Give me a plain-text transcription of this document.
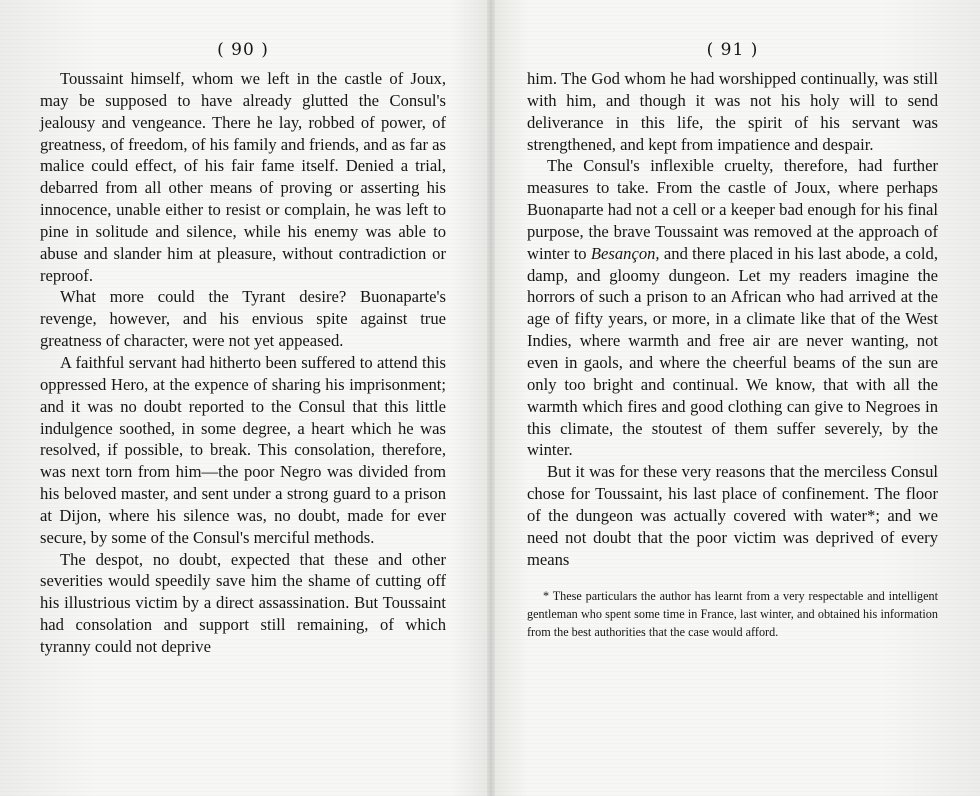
( 90 )

Toussaint himself, whom we left in the castle of Joux, may be supposed to have already glutted the Consul's jealousy and vengeance. There he lay, robbed of power, of greatness, of freedom, of his family and friends, and as far as malice could effect, of his fair fame itself. Denied a trial, debarred from all other means of proving or asserting his innocence, unable either to resist or complain, he was left to pine in solitude and silence, while his enemy was able to abuse and slander him at pleasure, without contradiction or reproof.

What more could the Tyrant desire? Buonaparte's revenge, however, and his envious spite against true greatness of character, were not yet appeased.

A faithful servant had hitherto been suffered to attend this oppressed Hero, at the expence of sharing his imprisonment; and it was no doubt reported to the Consul that this little indulgence soothed, in some degree, a heart which he was resolved, if possible, to break. This consolation, therefore, was next torn from him—the poor Negro was divided from his beloved master, and sent under a strong guard to a prison at Dijon, where his silence was, no doubt, made for ever secure, by some of the Consul's merciful methods.

The despot, no doubt, expected that these and other severities would speedily save him the shame of cutting off his illustrious victim by a direct assassination. But Toussaint had consolation and support still remaining, of which tyranny could not deprive

( 91 )

him. The God whom he had worshipped continually, was still with him, and though it was not his holy will to send deliverance in this life, the spirit of his servant was strengthened, and kept from impatience and despair.

The Consul's inflexible cruelty, therefore, had further measures to take. From the castle of Joux, where perhaps Buonaparte had not a cell or a keeper bad enough for his final purpose, the brave Toussaint was removed at the approach of winter to Besançon, and there placed in his last abode, a cold, damp, and gloomy dungeon. Let my readers imagine the horrors of such a prison to an African who had arrived at the age of fifty years, or more, in a climate like that of the West Indies, where warmth and free air are never wanting, not even in gaols, and where the cheerful beams of the sun are only too bright and continual. We know, that with all the warmth which fires and good clothing can give to Negroes in this climate, the stoutest of them suffer severely, by the winter.

But it was for these very reasons that the merciless Consul chose for Toussaint, his last place of confinement. The floor of the dungeon was actually covered with water*; and we need not doubt that the poor victim was deprived of every means

* These particulars the author has learnt from a very respectable and intelligent gentleman who spent some time in France, last winter, and obtained his information from the best authorities that the case would afford.
